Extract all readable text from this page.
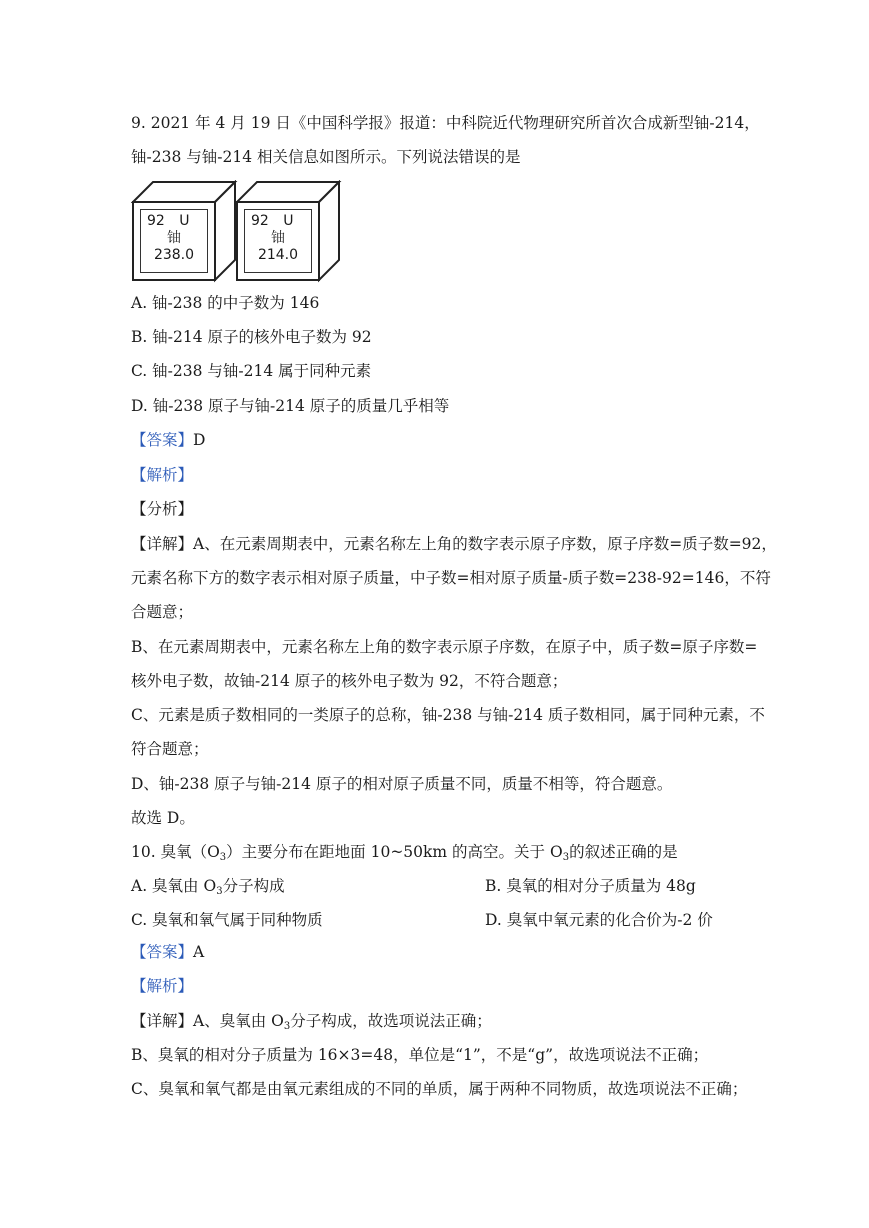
9. 2021 年 4 月 19 日《中国科学报》报道：中科院近代物理研究所首次合成新型铀-214，
铀-238 与铀-214 相关信息如图所示。下列说法错误的是
92 U
铀
238.0
92 U
铀
214.0
A. 铀-238 的中子数为 146
B. 铀-214 原子的核外电子数为 92
C. 铀-238 与铀-214 属于同种元素
D. 铀-238 原子与铀-214 原子的质量几乎相等
【答案】D
【解析】
【分析】
【详解】A、在元素周期表中，元素名称左上角的数字表示原子序数，原子序数=质子数=92，
元素名称下方的数字表示相对原子质量，中子数=相对原子质量-质子数=238-92=146，不符
合题意；
B、在元素周期表中，元素名称左上角的数字表示原子序数，在原子中，质子数=原子序数=
核外电子数，故铀-214 原子的核外电子数为 92，不符合题意；
C、元素是质子数相同的一类原子的总称，铀-238 与铀-214 质子数相同，属于同种元素，不
符合题意；
D、铀-238 原子与铀-214 原子的相对原子质量不同，质量不相等，符合题意。
故选 D。
10. 臭氧$(O_3)$主要分布在距地面 10~50km 的高空。关于 $O_3$的叙述正确的是
A. 臭氧由 $O_3$分子构成	B. 臭氧的相对分子质量为 48g
C. 臭氧和氧气属于同种物质	D. 臭氧中氧元素的化合价为-2 价
【答案】A
【解析】
【详解】A、臭氧由 $O_3$分子构成，故选项说法正确；
B、臭氧的相对分子质量为 16×3=48，单位是“1”，不是“g”，故选项说法不正确；
C、臭氧和氧气都是由氧元素组成的不同的单质，属于两种不同物质，故选项说法不正确；
